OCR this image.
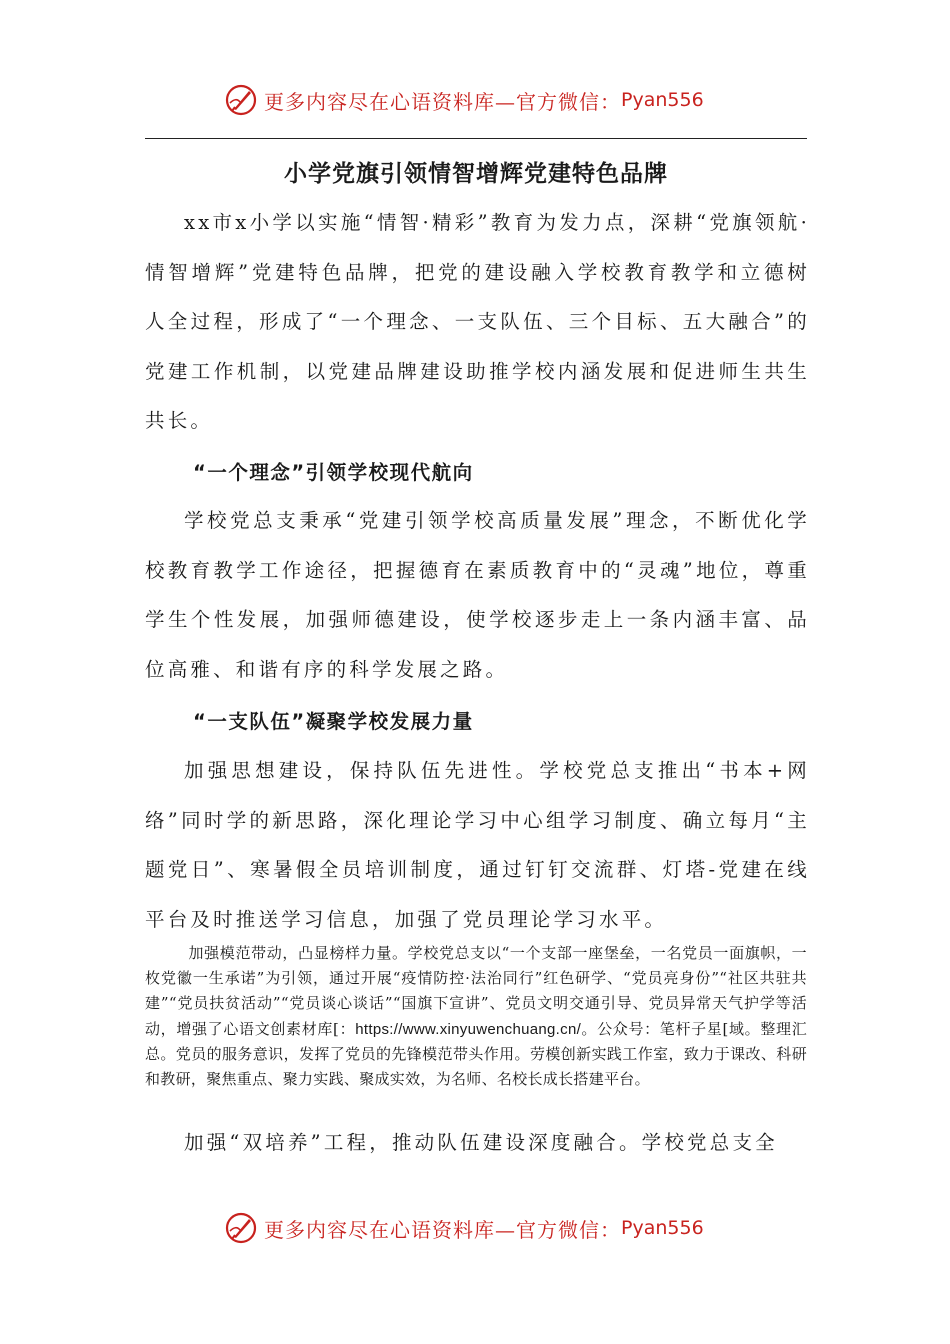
更多内容尽在心语资料库—官方微信： Pyan556
小学党旗引领情智增辉党建特色品牌

xx市x小学以实施“情智·精彩”教育为发力点，深耕“党旗领航·情智增辉”党建特色品牌，把党的建设融入学校教育教学和立德树人全过程，形成了“一个理念、一支队伍、三个目标、五大融合”的党建工作机制，以党建品牌建设助推学校内涵发展和促进师生共生共长。

“一个理念”引领学校现代航向

学校党总支秉承“党建引领学校高质量发展”理念，不断优化学校教育教学工作途径，把握德育在素质教育中的“灵魂”地位，尊重学生个性发展，加强师德建设，使学校逐步走上一条内涵丰富、品位高雅、和谐有序的科学发展之路。

“一支队伍”凝聚学校发展力量

加强思想建设，保持队伍先进性。学校党总支推出“书本+网络”同时学的新思路，深化理论学习中心组学习制度、确立每月“主题党日”、寒暑假全员培训制度，通过钉钉交流群、灯塔-党建在线平台及时推送学习信息，加强了党员理论学习水平。

加强模范带动，凸显榜样力量。学校党总支以“一个支部一座堡垒，一名党员一面旗帜，一枚党徽一生承诺”为引领，通过开展“疫情防控·法治同行”红色研学、“党员亮身份”“社区共驻共建”“党员扶贫活动”“党员谈心谈话”“国旗下宣讲”、党员文明交通引导、党员异常天气护学等活动，增强了心语文创素材库[：https://www.xinyuwenchuang.cn/。公众号：笔杆子星[域。整理汇总。党员的服务意识，发挥了党员的先锋模范带头作用。劳模创新实践工作室，致力于课改、科研和教研，聚焦重点、聚力实践、聚成实效，为名师、名校长成长搭建平台。

加强“双培养”工程，推动队伍建设深度融合。学校党总支全

更多内容尽在心语资料库—官方微信： Pyan556
